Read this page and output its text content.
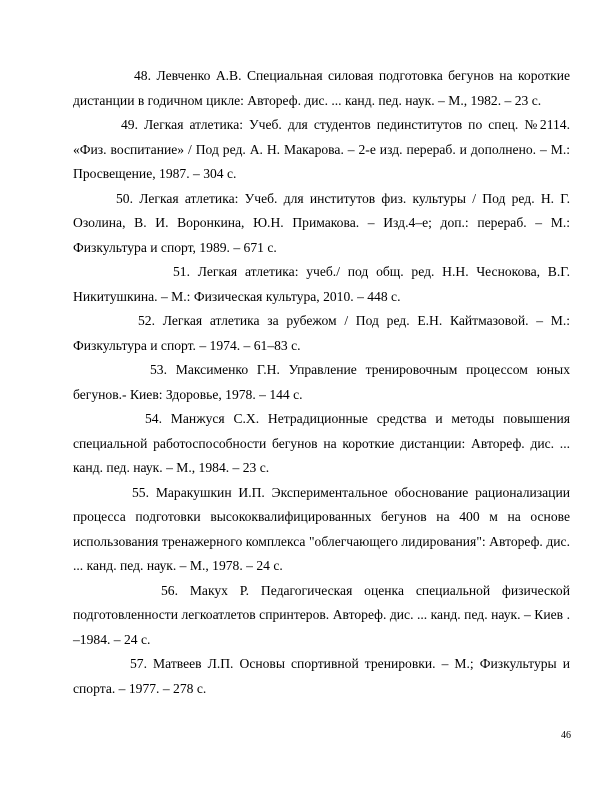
48. Левченко А.В. Специальная силовая подготовка бегунов на короткие дистанции в годичном цикле: Автореф. дис. ... канд. пед. наук. – М., 1982. – 23 с.

49. Легкая атлетика: Учеб. для студентов пединститутов по спец. №2114. «Физ. воспитание» / Под ред. А. Н. Макарова. – 2-е изд. перераб. и дополнено. – М.: Просвещение, 1987. – 304 с.

50. Легкая атлетика: Учеб. для институтов физ. культуры / Под ред. Н. Г. Озолина, В. И. Воронкина, Ю.Н. Примакова. – Изд.4–е; доп.: перераб. – М.: Физкультура и спорт, 1989. – 671 с.

51. Легкая атлетика: учеб./ под общ. ред. Н.Н. Чеснокова, В.Г. Никитушкина. – М.: Физическая культура, 2010. – 448 с.

52. Легкая атлетика за рубежом / Под ред. Е.Н. Кайтмазовой. – М.: Физкультура и спорт. – 1974. – 61–83 с.

53. Максименко Г.Н. Управление тренировочным процессом юных бегунов.- Киев: Здоровье, 1978. – 144 с.

54. Манжуся С.Х. Нетрадиционные средства и методы повышения специальной работоспособности бегунов на короткие дистанции: Автореф. дис. ... канд. пед. наук. – М., 1984. – 23 с.

55. Маракушкин И.П. Экспериментальное обоснование рационализации процесса подготовки высококвалифицированных бегунов на 400 м на основе использования тренажерного комплекса "облегчающего лидирования": Автореф. дис. ... канд. пед. наук. – М., 1978. – 24 с.

56. Макух Р. Педагогическая оценка специальной физической подготовленности легкоатлетов спринтеров. Автореф. дис. ... канд. пед. наук. – Киев . –1984. – 24 с.

57. Матвеев Л.П. Основы спортивной тренировки. – М.; Физкультуры и спорта. – 1977. – 278 с.

46
